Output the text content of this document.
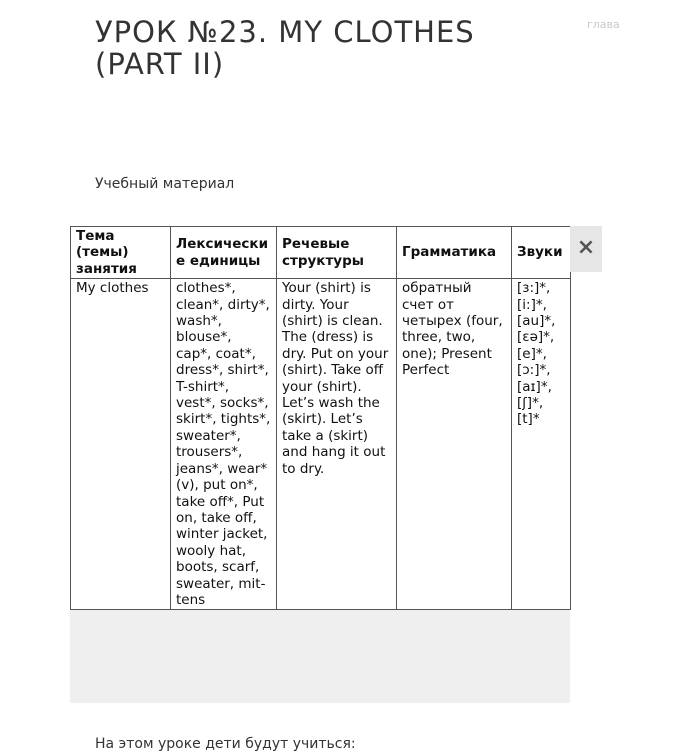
УРОК №23. MY CLOTHES (PART II)
глава
Учебный материал
Тема (темы) занятия	Лексически е единицы	Речевые структуры	Грамматика	Звуки
My clothes	clothes*, clean*, dirty*, wash*, blouse*, cap*, coat*, dress*, shirt*, T-shirt*, vest*, socks*, skirt*, tights*, sweater*, trousers*, jeans*, wear* (v), put on*, take off*, Put on, take off, winter jacket, wooly hat, boots, scarf, sweater, mit-tens	Your (shirt) is dirty. Your (shirt) is clean. The (dress) is dry. Put on your (shirt). Take off your (shirt). Let’s wash the (skirt). Let’s take a (skirt) and hang it out to dry.	обратный счет от четырех (four, three, two, one); Present Perfect	[ɜ:]*, [i:]*, [au]*, [ɛə]*, [e]*, [ɔ:]*, [aɪ]*, [ʃ]*, [t]*
×
На этом уроке дети будут учиться:
